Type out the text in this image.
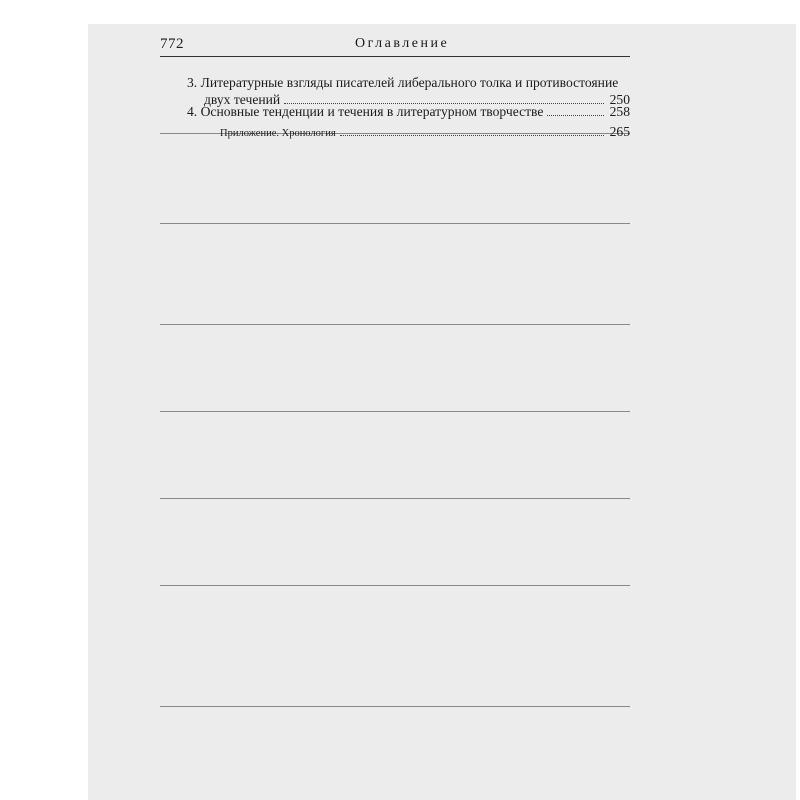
772	Оглавление
3. Литературные взгляды писателей либерального толка и противостояние
двух течений	250
4. Основные тенденции и течения в литературном творчестве	258
Приложение. Хронология	265
